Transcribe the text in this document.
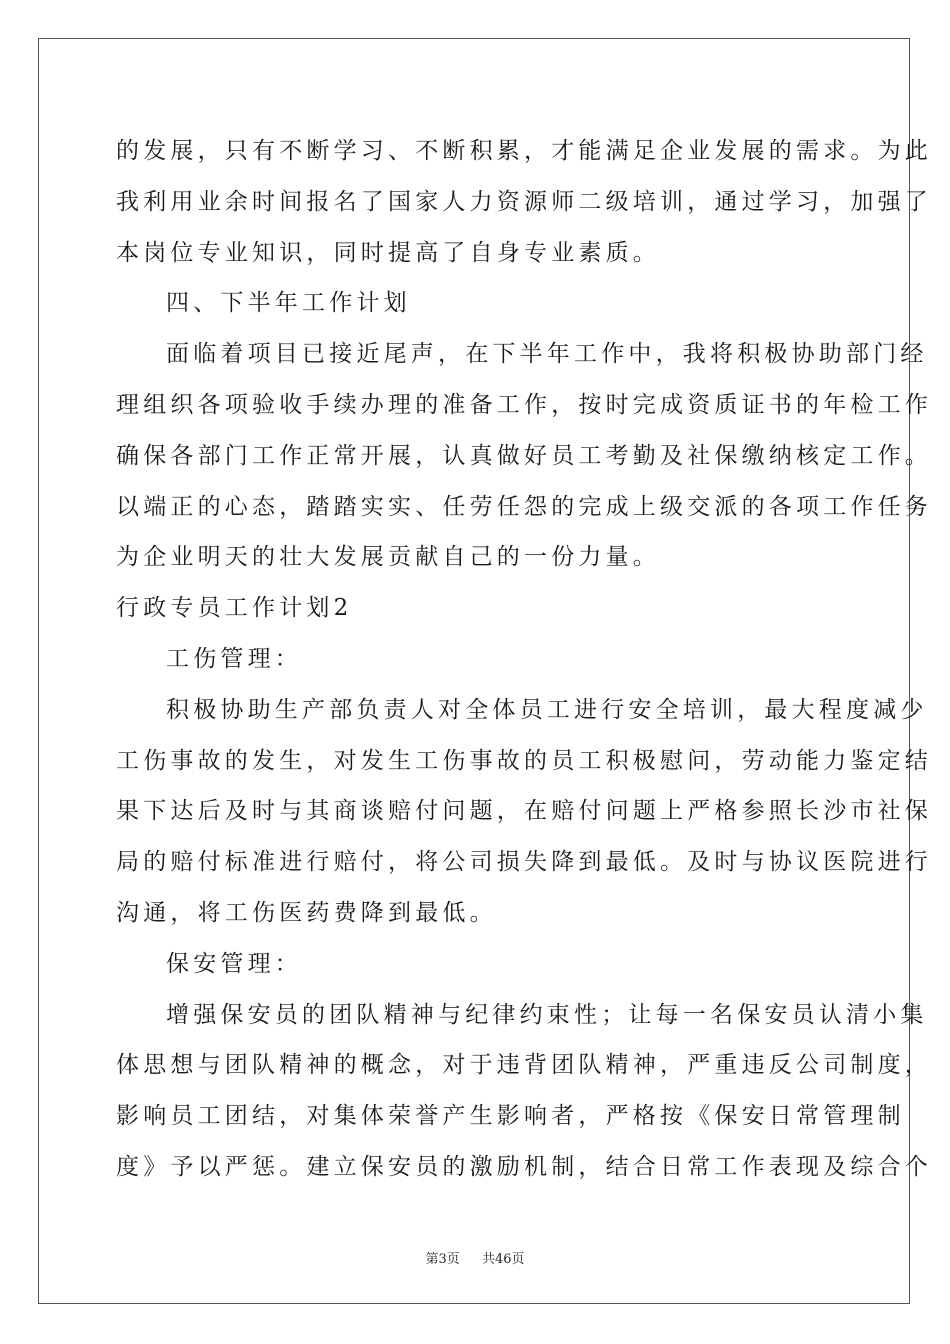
的发展，只有不断学习、不断积累，才能满足企业发展的需求。为此
我利用业余时间报名了国家人力资源师二级培训，通过学习，加强了
本岗位专业知识，同时提高了自身专业素质。
四、下半年工作计划
面临着项目已接近尾声，在下半年工作中，我将积极协助部门经
理组织各项验收手续办理的准备工作，按时完成资质证书的年检工作
确保各部门工作正常开展，认真做好员工考勤及社保缴纳核定工作。
以端正的心态，踏踏实实、任劳任怨的完成上级交派的各项工作任务
为企业明天的壮大发展贡献自己的一份力量。
行政专员工作计划2
工伤管理：
积极协助生产部负责人对全体员工进行安全培训，最大程度减少
工伤事故的发生，对发生工伤事故的员工积极慰问，劳动能力鉴定结
果下达后及时与其商谈赔付问题，在赔付问题上严格参照长沙市社保
局的赔付标准进行赔付，将公司损失降到最低。及时与协议医院进行
沟通，将工伤医药费降到最低。
保安管理：
增强保安员的团队精神与纪律约束性；让每一名保安员认清小集
体思想与团队精神的概念，对于违背团队精神，严重违反公司制度，
影响员工团结，对集体荣誉产生影响者，严格按《保安日常管理制
度》予以严惩。建立保安员的激励机制，结合日常工作表现及综合个
第3页 共46页
